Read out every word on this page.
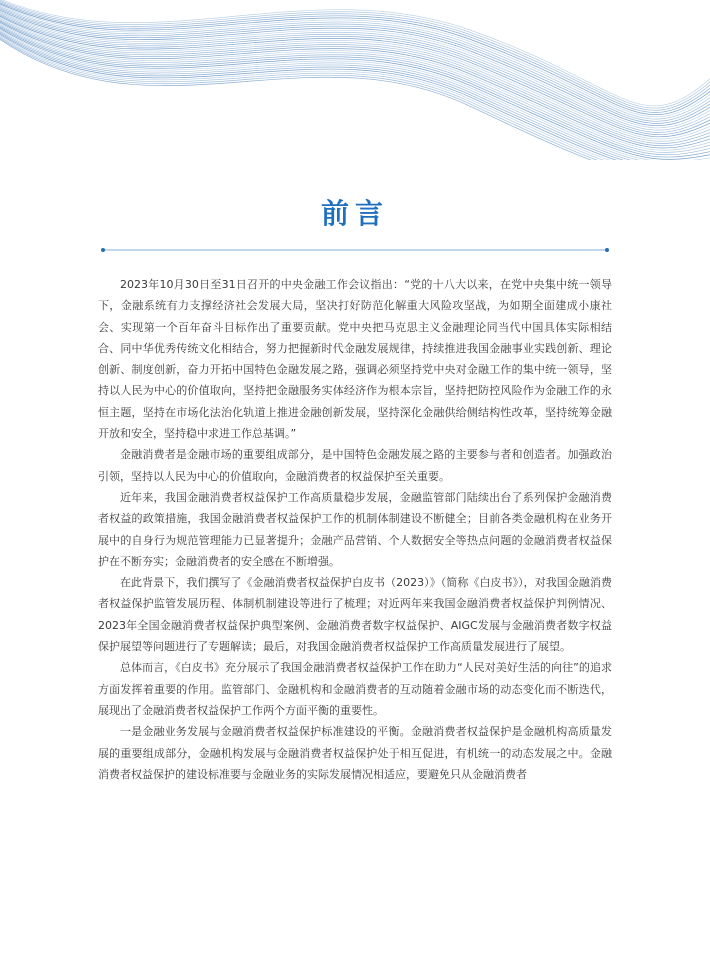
前言

2023年10月30日至31日召开的中央金融工作会议指出：“党的十八大以来，在党中央集中统一领导下，金融系统有力支撑经济社会发展大局，坚决打好防范化解重大风险攻坚战，为如期全面建成小康社会、实现第一个百年奋斗目标作出了重要贡献。党中央把马克思主义金融理论同当代中国具体实际相结合、同中华优秀传统文化相结合，努力把握新时代金融发展规律，持续推进我国金融事业实践创新、理论创新、制度创新，奋力开拓中国特色金融发展之路，强调必须坚持党中央对金融工作的集中统一领导，坚持以人民为中心的价值取向，坚持把金融服务实体经济作为根本宗旨，坚持把防控风险作为金融工作的永恒主题，坚持在市场化法治化轨道上推进金融创新发展，坚持深化金融供给侧结构性改革，坚持统筹金融开放和安全，坚持稳中求进工作总基调。”

金融消费者是金融市场的重要组成部分，是中国特色金融发展之路的主要参与者和创造者。加强政治引领，坚持以人民为中心的价值取向，金融消费者的权益保护至关重要。

近年来，我国金融消费者权益保护工作高质量稳步发展，金融监管部门陆续出台了系列保护金融消费者权益的政策措施，我国金融消费者权益保护工作的机制体制建设不断健全；目前各类金融机构在业务开展中的自身行为规范管理能力已显著提升；金融产品营销、个人数据安全等热点问题的金融消费者权益保护在不断夯实；金融消费者的安全感在不断增强。

在此背景下，我们撰写了《金融消费者权益保护白皮书（2023）》（简称《白皮书》），对我国金融消费者权益保护监管发展历程、体制机制建设等进行了梳理；对近两年来我国金融消费者权益保护判例情况、2023年全国金融消费者权益保护典型案例、金融消费者数字权益保护、AIGC发展与金融消费者数字权益保护展望等问题进行了专题解读；最后，对我国金融消费者权益保护工作高质量发展进行了展望。

总体而言，《白皮书》充分展示了我国金融消费者权益保护工作在助力“人民对美好生活的向往”的追求方面发挥着重要的作用。监管部门、金融机构和金融消费者的互动随着金融市场的动态变化而不断迭代，展现出了金融消费者权益保护工作两个方面平衡的重要性。

一是金融业务发展与金融消费者权益保护标准建设的平衡。金融消费者权益保护是金融机构高质量发展的重要组成部分，金融机构发展与金融消费者权益保护处于相互促进，有机统一的动态发展之中。金融消费者权益保护的建设标准要与金融业务的实际发展情况相适应，要避免只从金融消费者
